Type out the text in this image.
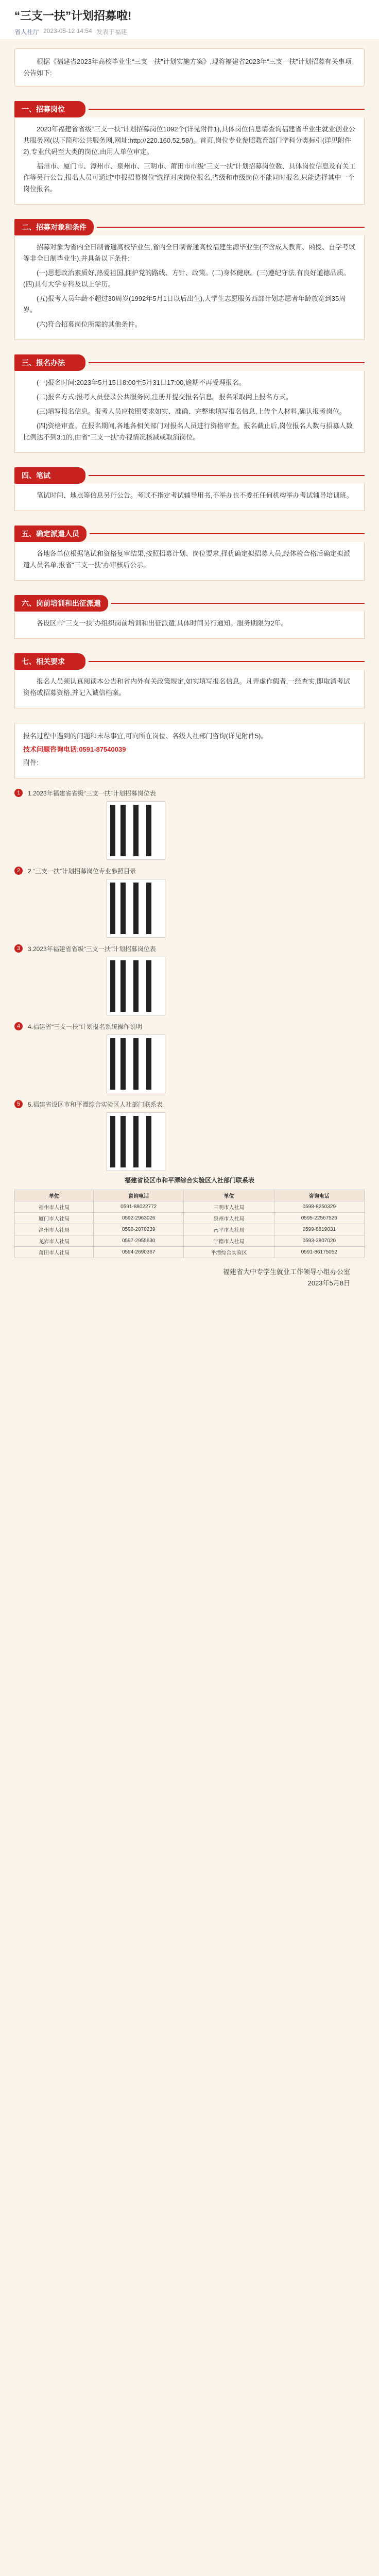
“三支一扶”计划招募啦!
省人社厅 2023-05-12 14:54 发表于福建
根据《福建省2023年高校毕业生“三支一扶”计划实施方案》,现将福建省2023年“三支一扶”计划招募有关事项公告如下:
一、招募岗位

2023年福建省省级“三支一扶”计划招募岗位1092个(详见附件1),具体岗位信息请查询福建省毕业生就业创业公共服务网(以下简称公共服务网,网址:http://220.160.52.58/)。首页,岗位专业参照教育部门学科分类标引(详见附件2),专业代码至大类的岗位,由用人单位审定。

福州市、厦门市、漳州市、泉州市、三明市、莆田市市级“三支一扶”计划招募岗位数、具体岗位信息及有关工作等另行公告,报名人员可通过“申报招募岗位”选择对应岗位报名,省级和市级岗位不能同时报名,只能选择其中一个岗位报名。

二、招募对象和条件

招募对象为省内全日制普通高校毕业生,省内全日制普通高校福建生源毕业生(不含成人教育、函授、自学考试等非全日制毕业生),并具备以下条件:

(一)思想政治素质好,热爱祖国,拥护党的路线、方针、政策。(二)身体健康。(三)遵纪守法,有良好道德品质。(四)具有大学专科及以上学历。

(五)报考人员年龄不超过30周岁(1992年5月1日以后出生),大学生志愿服务西部计划志愿者年龄放宽到35周岁。

(六)符合招募岗位所需的其他条件。

三、报名办法

(一)报名时间:2023年5月15日8:00至5月31日17:00,逾期不再受理报名。

(二)报名方式:报考人员登录公共服务网,注册并提交报名信息。报名采取网上报名方式。

(三)填写报名信息。报考人员应按照要求如实、准确、完整地填写报名信息,上传个人材料,确认报考岗位。

(四)资格审查。在报名期间,各地各相关部门对报名人员进行资格审查。报名截止后,岗位报名人数与招募人数比例达不到3:1的,由省“三支一扶”办视情况核减或取消岗位。

四、笔试

笔试时间、地点等信息另行公告。考试不指定考试辅导用书,不举办也不委托任何机构举办考试辅导培训班。

五、确定派遣人员

各地各单位根据笔试和资格复审结果,按照招募计划、岗位要求,择优确定拟招募人员,经体检合格后确定拟派遣人员名单,报省“三支一扶”办审核后公示。

六、岗前培训和出征派遣

各设区市“三支一扶”办组织岗前培训和出征派遣,具体时间另行通知。服务期限为2年。

七、相关要求

报名人员须认真阅读本公告和省内外有关政策规定,如实填写报名信息。凡弄虚作假者,一经查实,即取消考试资格或招募资格,并记入诚信档案。

报名过程中遇到的问题和未尽事宜,可向所在岗位、各级人社部门咨询(详见附件5)。

技术问题咨询电话:0591-87540039

附件:

1	1.2023年福建省省级“三支一扶”计划招募岗位表
2	2.“三支一扶”计划招募岗位专业参照目录
3	3.2023年福建省省级“三支一扶”计划招募岗位表
4	4.福建省“三支一扶”计划报名系统操作说明
5	5.福建省设区市和平潭综合实验区人社部门联系表
福建省设区市和平潭综合实验区人社部门联系表
单位	咨询电话	单位	咨询电话
福州市人社局	0591-88022772	三明市人社局	0598-8250329
厦门市人社局	0592-2963026	泉州市人社局	0595-22567526
漳州市人社局	0596-2070239	南平市人社局	0599-8819031
龙岩市人社局	0597-2955630	宁德市人社局	0593-2807020
莆田市人社局	0594-2690367	平潭综合实验区	0591-86175052
福建省大中专学生就业工作领导小组办公室
2023年5月8日
